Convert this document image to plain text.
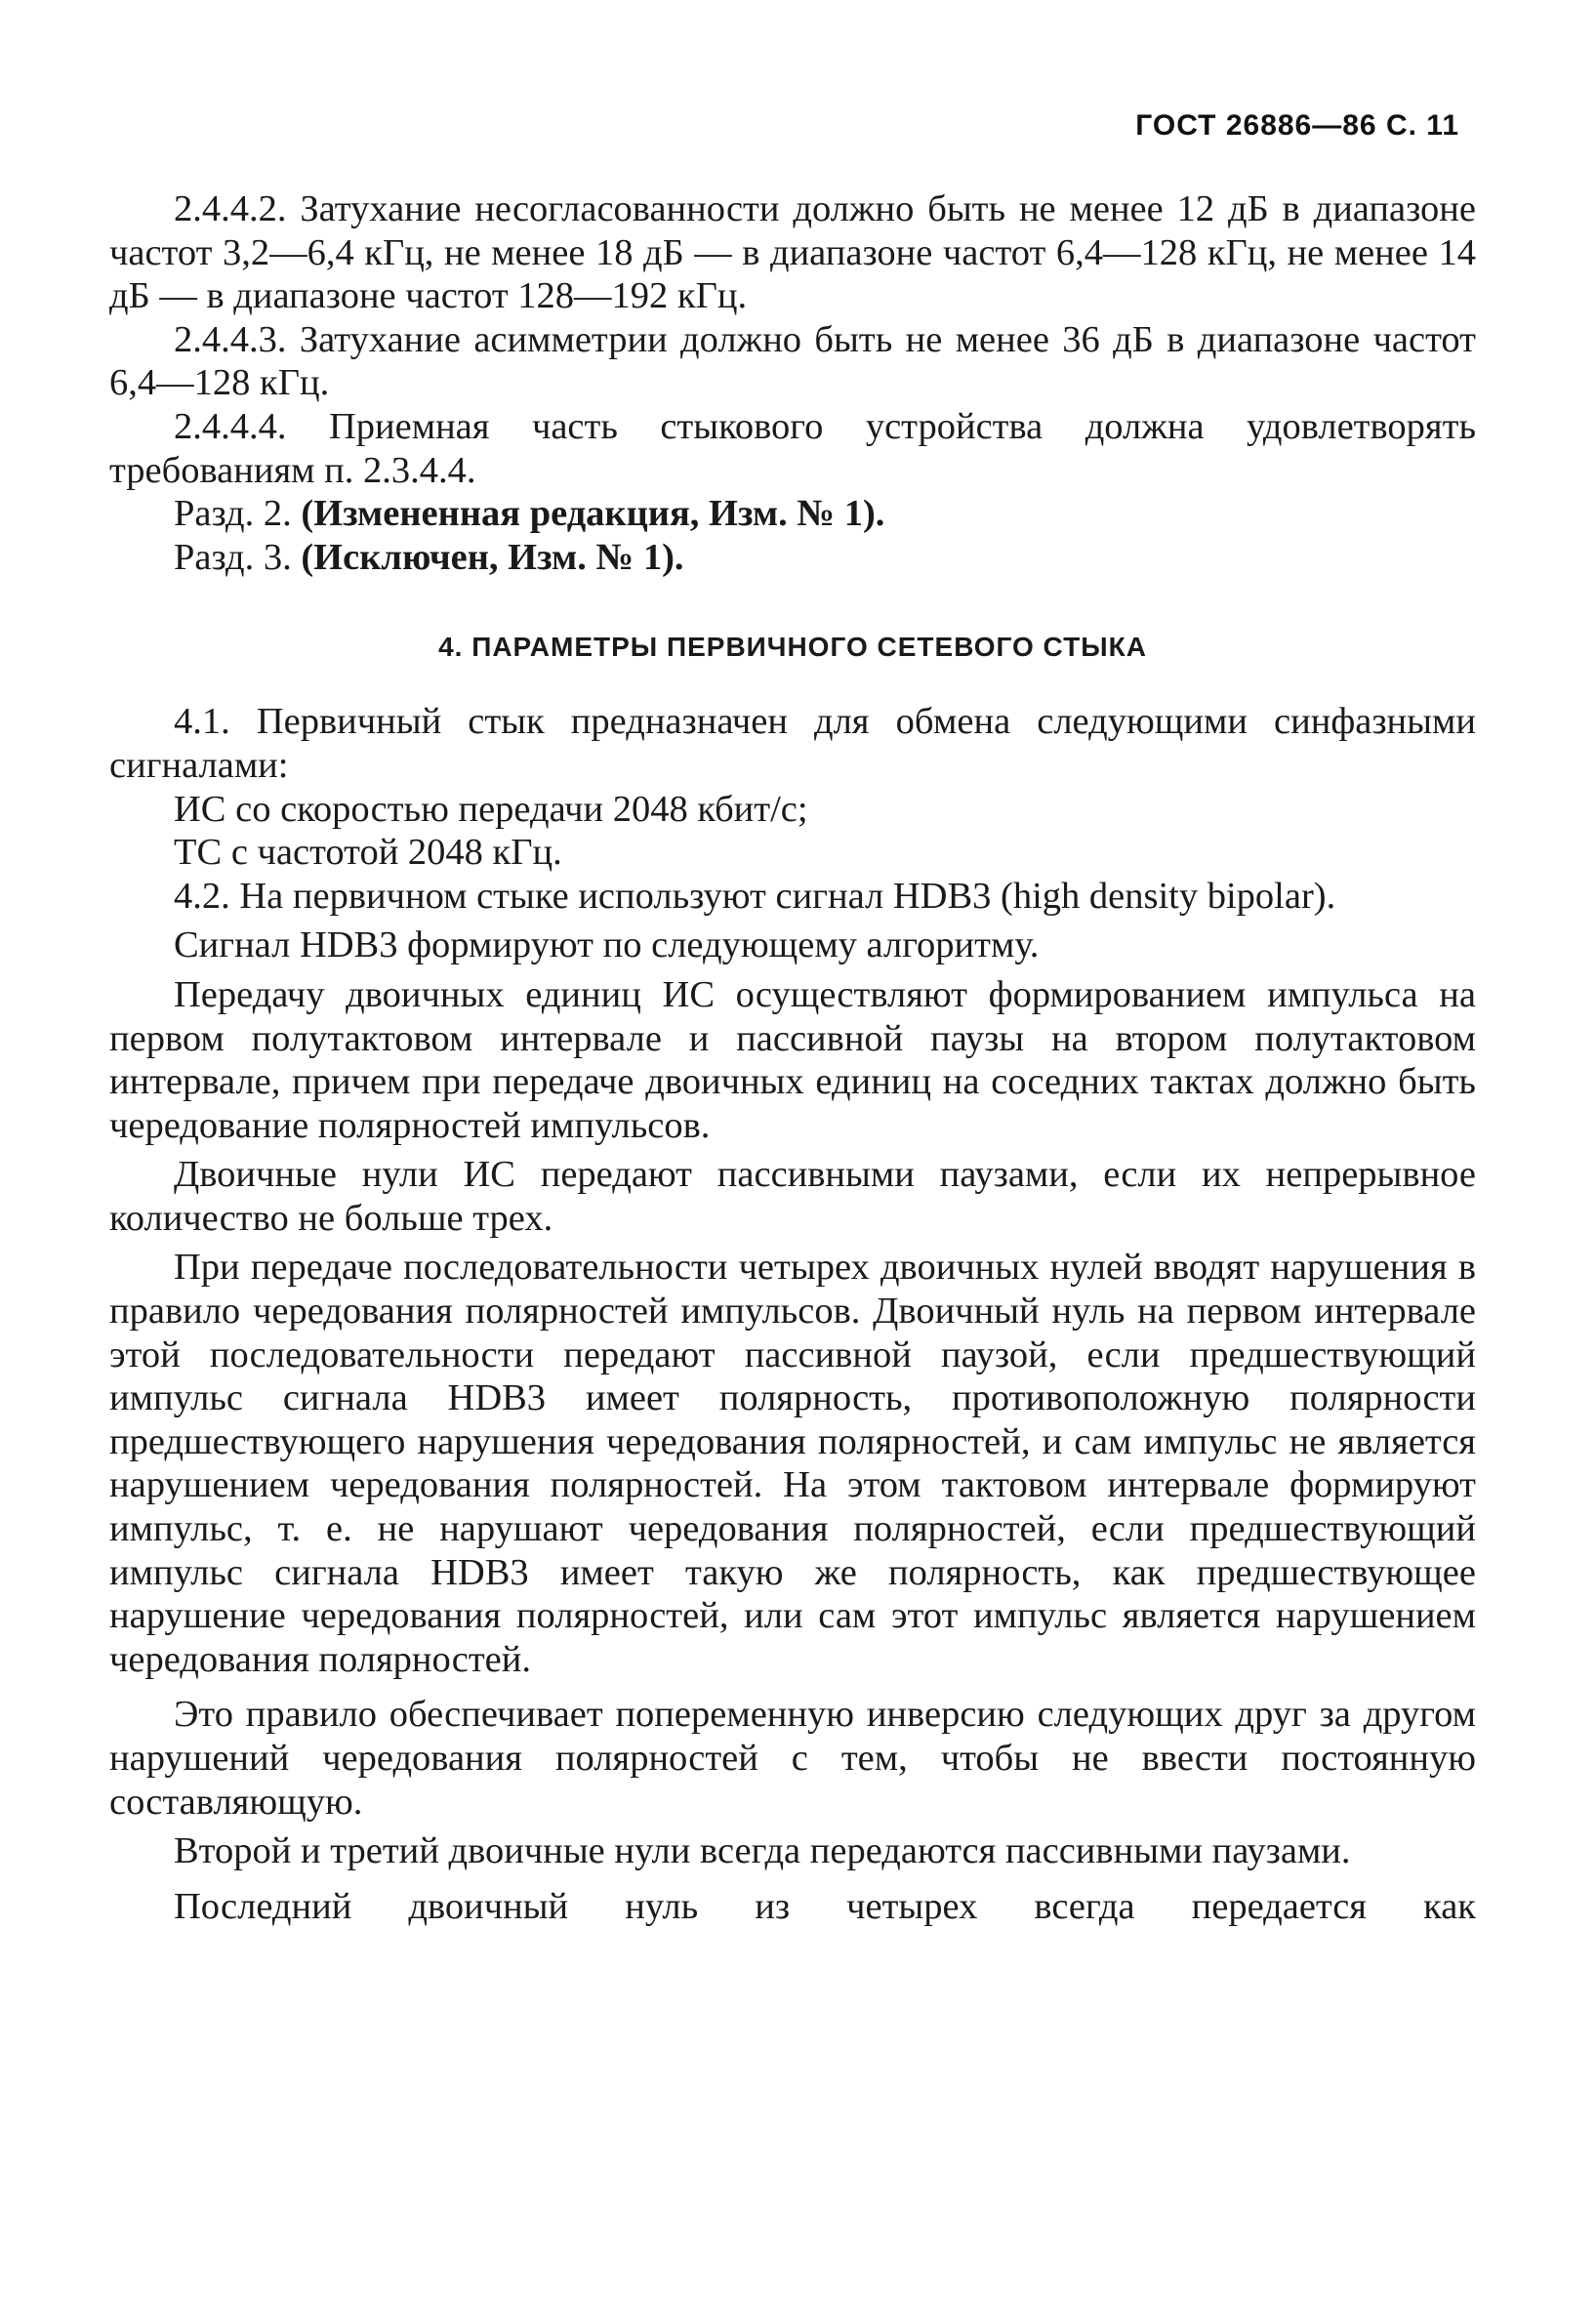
ГОСТ 26886—86 С. 11

2.4.4.2. Затухание несогласованности должно быть не менее 12 дБ в диапазоне частот 3,2—6,4 кГц, не менее 18 дБ — в диапазоне частот 6,4—128 кГц, не менее 14 дБ — в диапазоне частот 128—192 кГц.

2.4.4.3. Затухание асимметрии должно быть не менее 36 дБ в диапазоне частот 6,4—128 кГц.

2.4.4.4. Приемная часть стыкового устройства должна удовлетворять требованиям п. 2.3.4.4.

Разд. 2. (Измененная редакция, Изм. № 1).

Разд. 3. (Исключен, Изм. № 1).

4. ПАРАМЕТРЫ ПЕРВИЧНОГО СЕТЕВОГО СТЫКА

4.1. Первичный стык предназначен для обмена следующими синфазными сигналами:

ИС со скоростью передачи 2048 кбит/с;

ТС с частотой 2048 кГц.

4.2. На первичном стыке используют сигнал HDB3 (high density bipolar).

Сигнал HDB3 формируют по следующему алгоритму.

Передачу двоичных единиц ИС осуществляют формированием импульса на первом полутактовом интервале и пассивной паузы на втором полутактовом интервале, причем при передаче двоичных единиц на соседних тактах должно быть чередование полярностей импульсов.

Двоичные нули ИС передают пассивными паузами, если их непрерывное количество не больше трех.

При передаче последовательности четырех двоичных нулей вводят нарушения в правило чередования полярностей импульсов. Двоичный нуль на первом интервале этой последовательности передают пассивной паузой, если предшествующий импульс сигнала HDB3 имеет полярность, противоположную полярности предшествующего нарушения чередования полярностей, и сам импульс не является нарушением чередования полярностей. На этом тактовом интервале формируют импульс, т. е. не нарушают чередования полярностей, если предшествующий импульс сигнала HDB3 имеет такую же полярность, как предшествующее нарушение чередования полярностей, или сам этот импульс является нарушением чередования полярностей.

Это правило обеспечивает попеременную инверсию следующих друг за другом нарушений чередования полярностей с тем, чтобы не ввести постоянную составляющую.

Второй и третий двоичные нули всегда передаются пассивными паузами.

Последний двоичный нуль из четырех всегда передается как
